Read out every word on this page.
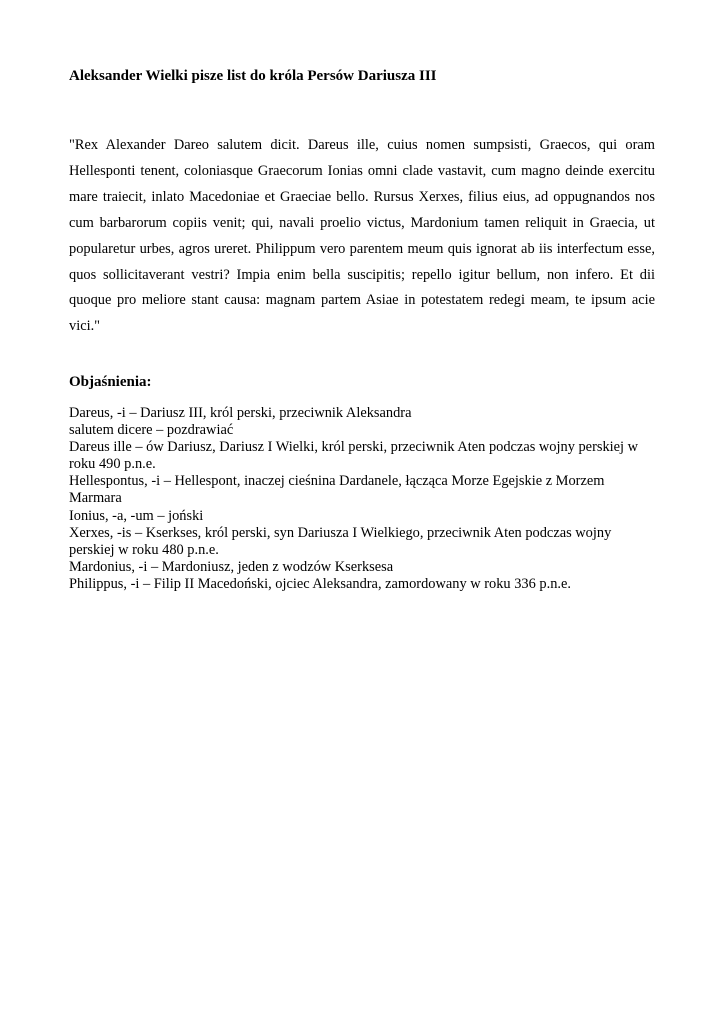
Aleksander Wielki pisze list do króla Persów Dariusza III

"Rex Alexander Dareo salutem dicit. Dareus ille, cuius nomen sumpsisti, Graecos, qui oram Hellesponti tenent, coloniasque Graecorum Ionias omni clade vastavit, cum magno deinde exercitu mare traiecit, inlato Macedoniae et Graeciae bello. Rursus Xerxes, filius eius, ad oppugnandos nos cum barbarorum copiis venit; qui, navali proelio victus, Mardonium tamen reliquit in Graecia, ut popularetur urbes, agros ureret. Philippum vero parentem meum quis ignorat ab iis interfectum esse, quos sollicitaverant vestri? Impia enim bella suscipitis; repello igitur bellum, non infero. Et dii quoque pro meliore stant causa: magnam partem Asiae in potestatem redegi meam, te ipsum acie vici."

Objaśnienia:
Dareus, -i – Dariusz III, król perski, przeciwnik Aleksandra
salutem dicere – pozdrawiać
Dareus ille – ów Dariusz, Dariusz I Wielki, król perski, przeciwnik Aten podczas wojny perskiej w roku 490 p.n.e.
Hellespontus, -i – Hellespont, inaczej cieśnina Dardanele, łącząca Morze Egejskie z Morzem Marmara
Ionius, -a, -um – joński
Xerxes, -is – Kserkses, król perski, syn Dariusza I Wielkiego, przeciwnik Aten podczas wojny perskiej w roku 480 p.n.e.
Mardonius, -i – Mardoniusz, jeden z wodzów Kserksesa
Philippus, -i – Filip II Macedoński, ojciec Aleksandra, zamordowany w roku 336 p.n.e.
